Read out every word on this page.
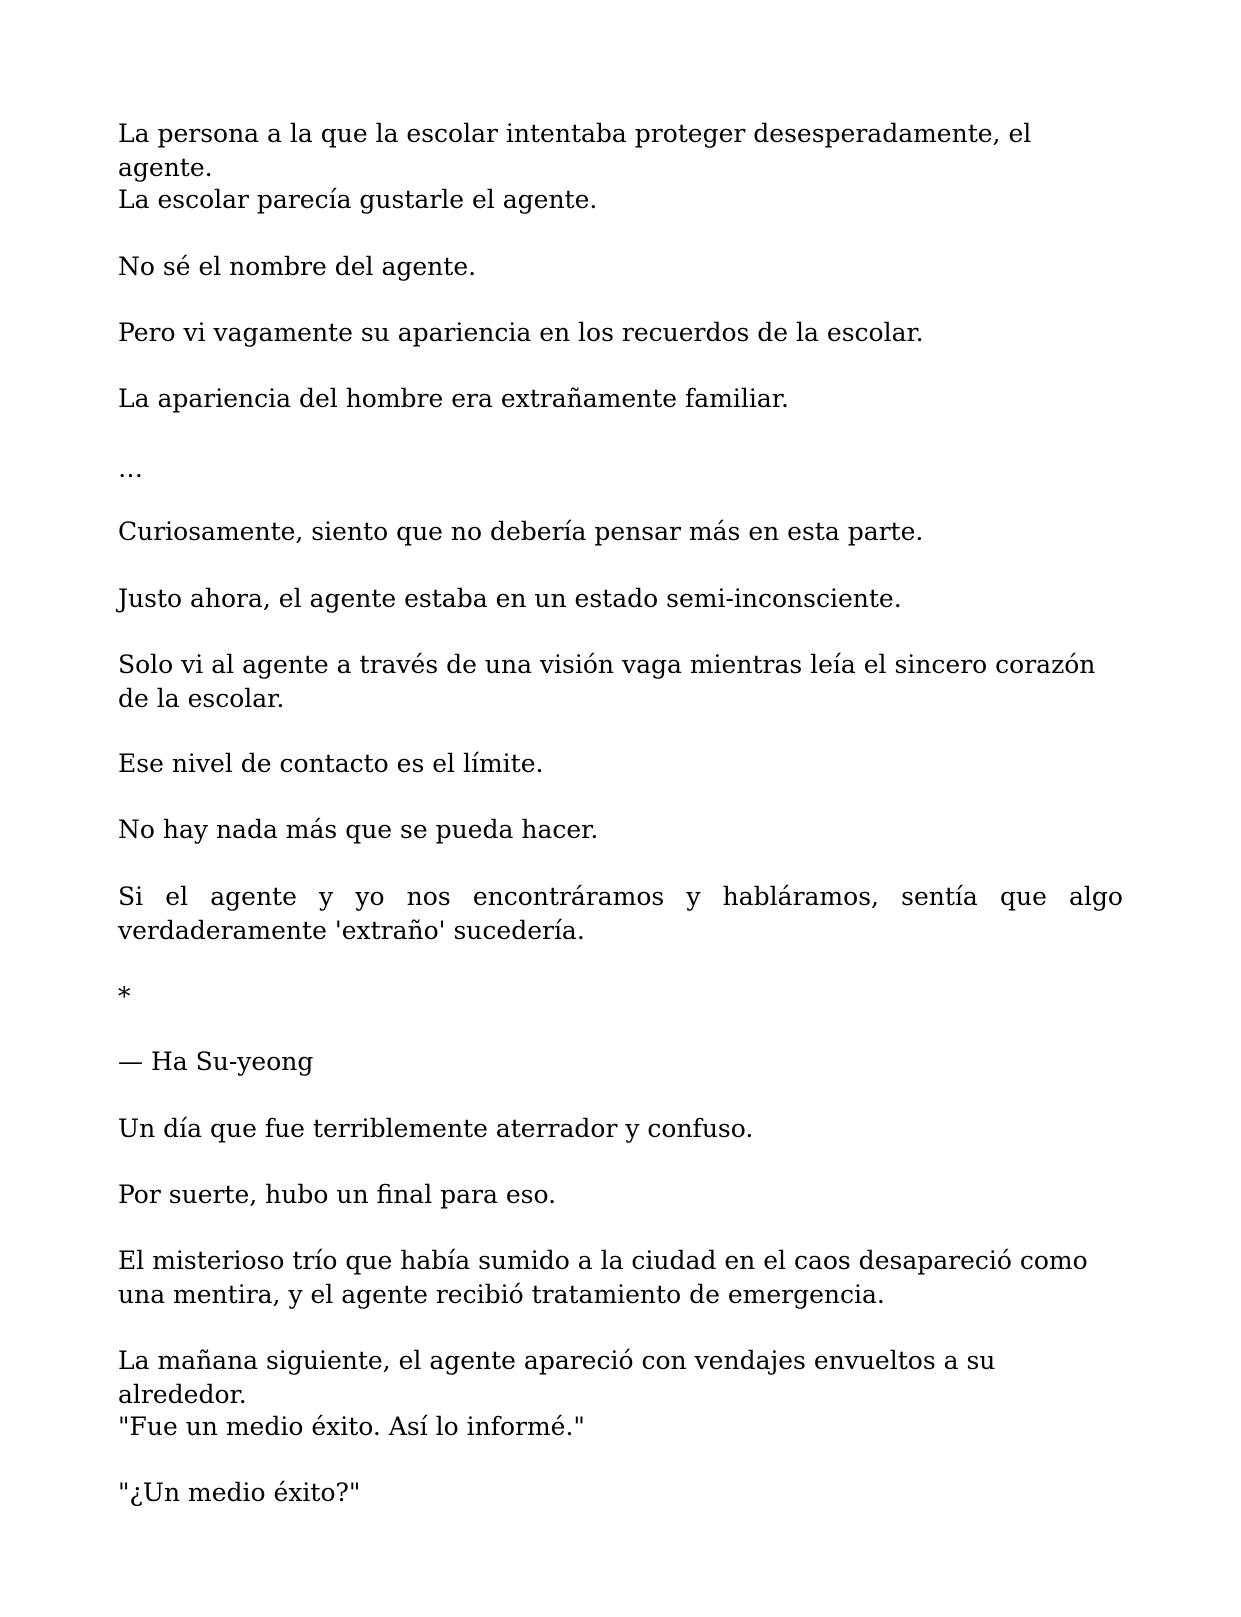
La persona a la que la escolar intentaba proteger desesperadamente, el agente.

La escolar parecía gustarle el agente.

No sé el nombre del agente.

Pero vi vagamente su apariencia en los recuerdos de la escolar.

La apariencia del hombre era extrañamente familiar.

…

Curiosamente, siento que no debería pensar más en esta parte.

Justo ahora, el agente estaba en un estado semi-inconsciente.

Solo vi al agente a través de una visión vaga mientras leía el sincero corazón de la escolar.

Ese nivel de contacto es el límite.

No hay nada más que se pueda hacer.

Si el agente y yo nos encontráramos y habláramos, sentía que algo verdaderamente 'extraño' sucedería.

*

— Ha Su-yeong

Un día que fue terriblemente aterrador y confuso.

Por suerte, hubo un final para eso.

El misterioso trío que había sumido a la ciudad en el caos desapareció como una mentira, y el agente recibió tratamiento de emergencia.

La mañana siguiente, el agente apareció con vendajes envueltos a su alrededor.

"Fue un medio éxito. Así lo informé."

"¿Un medio éxito?"
